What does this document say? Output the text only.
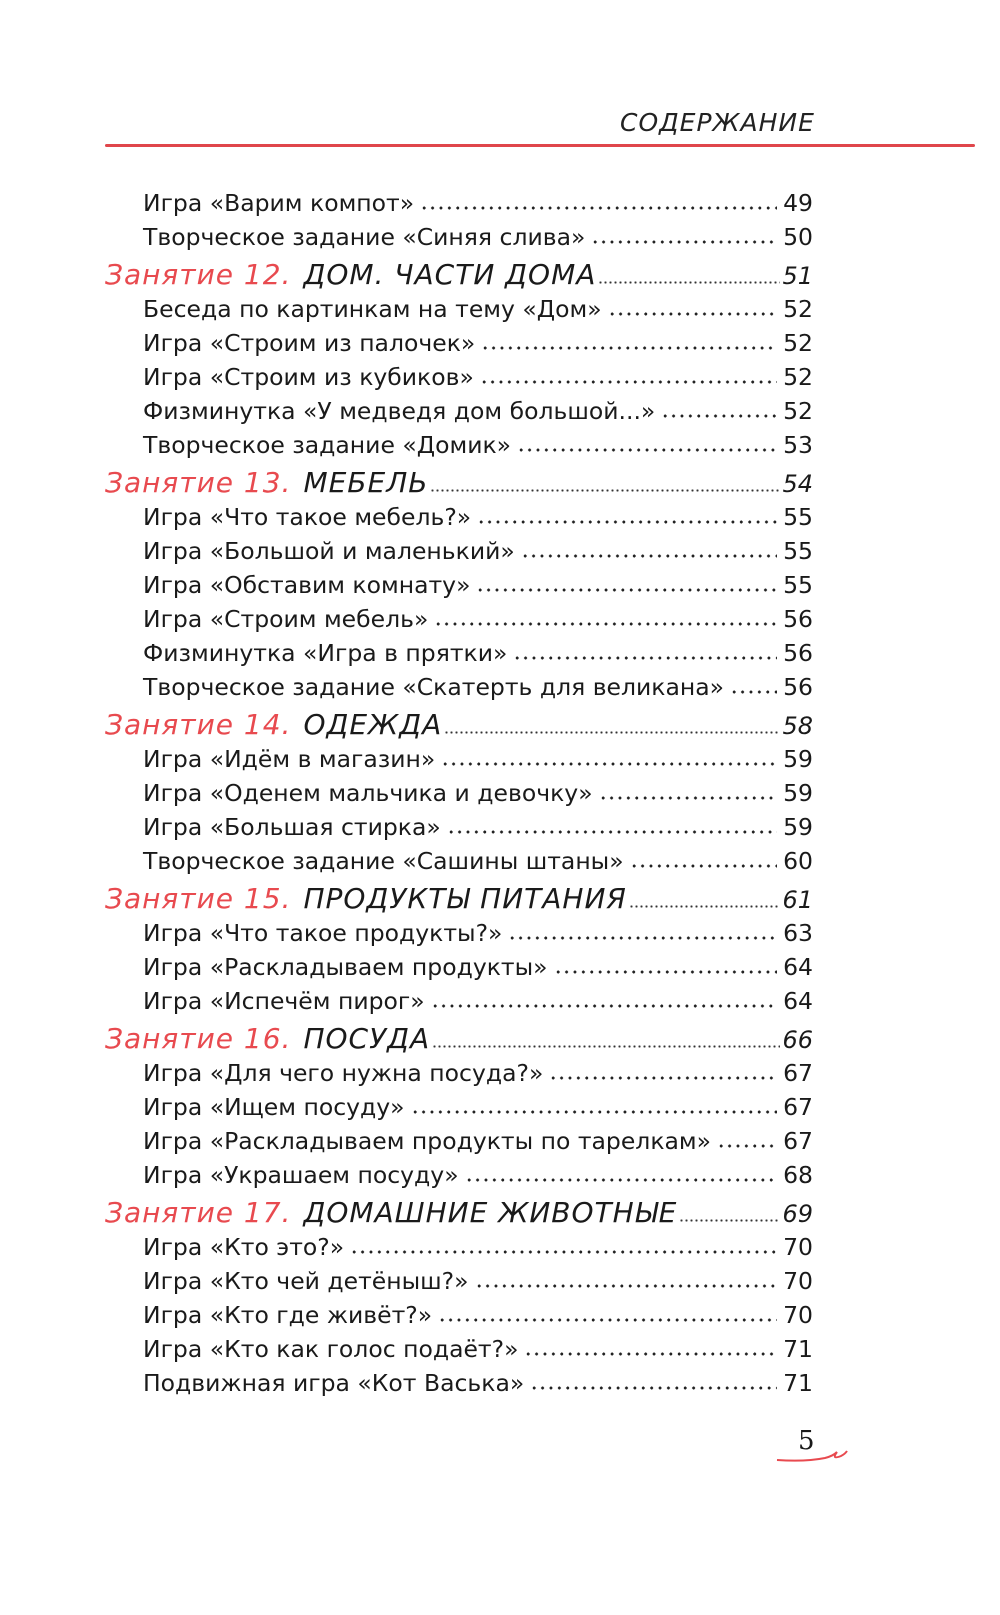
СОДЕРЖАНИЕ
Игра «Варим компот»	49
Творческое задание «Синяя слива»	50
Занятие 12. ДОМ. ЧАСТИ ДОМА	51
Беседа по картинкам на тему «Дом»	52
Игра «Строим из палочек»	52
Игра «Строим из кубиков»	52
Физминутка «У медведя дом большой...»	52
Творческое задание «Домик»	53
Занятие 13. МЕБЕЛЬ	54
Игра «Что такое мебель?»	55
Игра «Большой и маленький»	55
Игра «Обставим комнату»	55
Игра «Строим мебель»	56
Физминутка «Игра в прятки»	56
Творческое задание «Скатерть для великана»	56
Занятие 14. ОДЕЖДА	58
Игра «Идём в магазин»	59
Игра «Оденем мальчика и девочку»	59
Игра «Большая стирка»	59
Творческое задание «Сашины штаны»	60
Занятие 15. ПРОДУКТЫ ПИТАНИЯ	61
Игра «Что такое продукты?»	63
Игра «Раскладываем продукты»	64
Игра «Испечём пирог»	64
Занятие 16. ПОСУДА	66
Игра «Для чего нужна посуда?»	67
Игра «Ищем посуду»	67
Игра «Раскладываем продукты по тарелкам»	67
Игра «Украшаем посуду»	68
Занятие 17. ДОМАШНИЕ ЖИВОТНЫЕ	69
Игра «Кто это?»	70
Игра «Кто чей детёныш?»	70
Игра «Кто где живёт?»	70
Игра «Кто как голос подаёт?»	71
Подвижная игра «Кот Васька»	71
5
